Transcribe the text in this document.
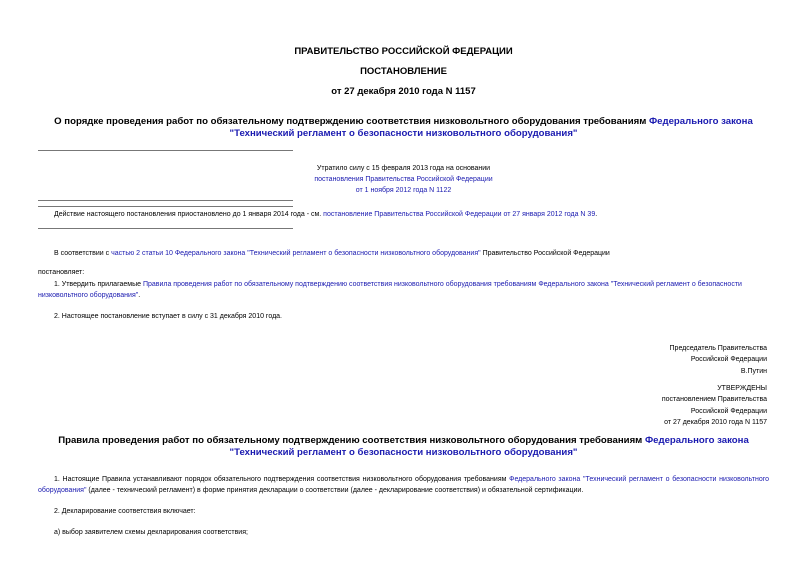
ПРАВИТЕЛЬСТВО РОССИЙСКОЙ ФЕДЕРАЦИИ
ПОСТАНОВЛЕНИЕ
от 27 декабря 2010 года N 1157
О порядке проведения работ по обязательному подтверждению соответствия низковольтного оборудования требованиям Федерального закона "Технический регламент о безопасности низковольтного оборудования"
Утратило силу с 15 февраля 2013 года на основании
постановления Правительства Российской Федерации
от 1 ноября 2012 года N 1122
Действие настоящего постановления приостановлено до 1 января 2014 года - см. постановление Правительства Российской Федерации от 27 января 2012 года N 39.
В соответствии с частью 2 статьи 10 Федерального закона "Технический регламент о безопасности низковольтного оборудования" Правительство Российской Федерации
постановляет:
1. Утвердить прилагаемые Правила проведения работ по обязательному подтверждению соответствия низковольтного оборудования требованиям Федерального закона "Технический регламент о безопасности низковольтного оборудования".
2. Настоящее постановление вступает в силу с 31 декабря 2010 года.
Председатель Правительства
Российской Федерации
В.Путин
УТВЕРЖДЕНЫ
постановлением Правительства
Российской Федерации
от 27 декабря 2010 года N 1157
Правила проведения работ по обязательному подтверждению соответствия низковольтного оборудования требованиям Федерального закона "Технический регламент о безопасности низковольтного оборудования"
1. Настоящие Правила устанавливают порядок обязательного подтверждения соответствия низковольтного оборудования требованиям Федерального закона "Технический регламент о безопасности низковольтного оборудования" (далее - технический регламент) в форме принятия декларации о соответствии (далее - декларирование соответствия) и обязательной сертификации.
2. Декларирование соответствия включает:
а) выбор заявителем схемы декларирования соответствия;
